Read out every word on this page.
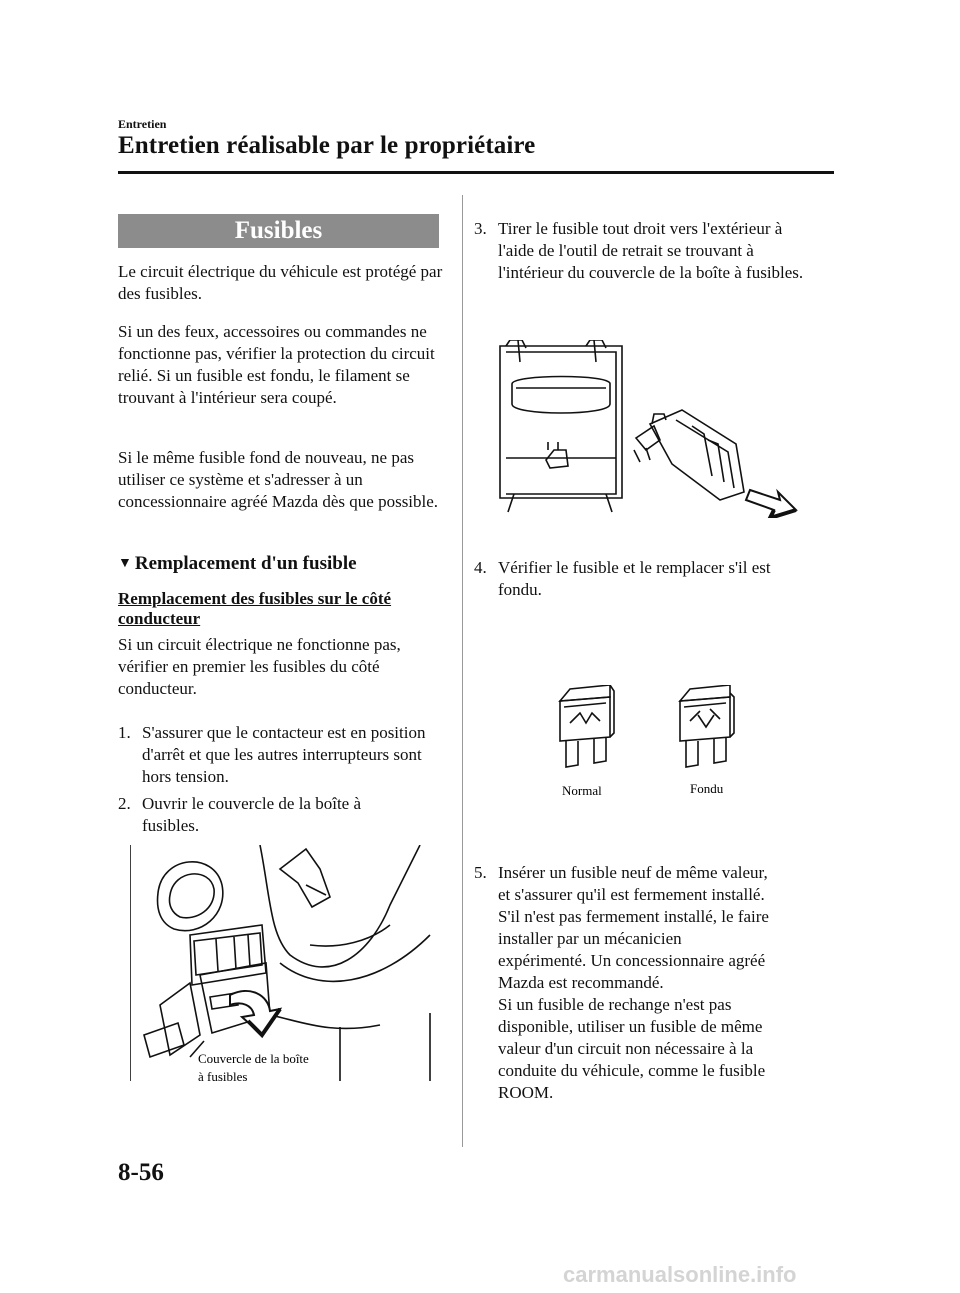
Entretien
Entretien réalisable par le propriétaire
Fusibles
Le circuit électrique du véhicule est protégé par des fusibles.
Si un des feux, accessoires ou commandes ne fonctionne pas, vérifier la protection du circuit relié. Si un fusible est fondu, le filament se trouvant à l'intérieur sera coupé.
Si le même fusible fond de nouveau, ne pas utiliser ce système et s'adresser à un concessionnaire agréé Mazda dès que possible.
▼ Remplacement d'un fusible
Remplacement des fusibles sur le côté conducteur
Si un circuit électrique ne fonctionne pas, vérifier en premier les fusibles du côté conducteur.
1. S'assurer que le contacteur est en position d'arrêt et que les autres interrupteurs sont hors tension.
2. Ouvrir le couvercle de la boîte à fusibles.
Couvercle de la boîte
à fusibles
3. Tirer le fusible tout droit vers l'extérieur à l'aide de l'outil de retrait se trouvant à l'intérieur du couvercle de la boîte à fusibles.
4. Vérifier le fusible et le remplacer s'il est fondu.
Normal	Fondu
5. Insérer un fusible neuf de même valeur,
et s'assurer qu'il est fermement installé.
S'il n'est pas fermement installé, le faire
installer par un mécanicien
expérimenté. Un concessionnaire agréé
Mazda est recommandé.
Si un fusible de rechange n'est pas
disponible, utiliser un fusible de même
valeur d'un circuit non nécessaire à la
conduite du véhicule, comme le fusible
ROOM.
8-56
carmanualsonline.info
